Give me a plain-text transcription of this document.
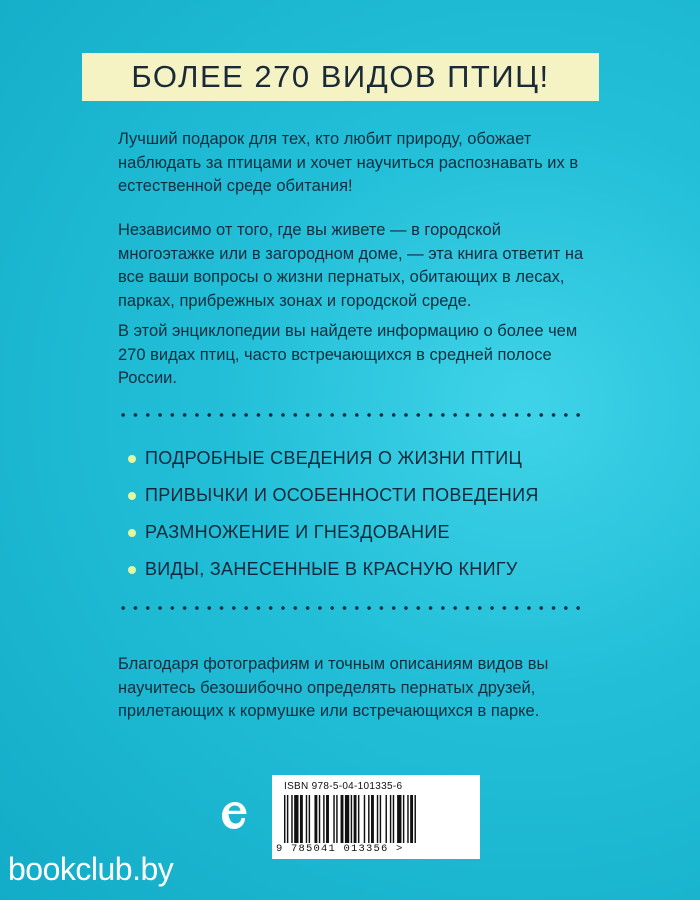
БОЛЕЕ 270 ВИДОВ ПТИЦ!

Лучший подарок для тех, кто любит природу, обожает наблюдать за птицами и хочет научиться распознавать их в естественной среде обитания!

Независимо от того, где вы живете — в городской многоэтажке или в загородном доме, — эта книга ответит на все ваши вопросы о жизни пернатых, обитающих в лесах, парках, прибрежных зонах и городской среде.

В этой энциклопедии вы найдете информацию о более чем 270 видах птиц, часто встречающихся в средней полосе России.

ПОДРОБНЫЕ СВЕДЕНИЯ О ЖИЗНИ ПТИЦ
ПРИВЫЧКИ И ОСОБЕННОСТИ ПОВЕДЕНИЯ
РАЗМНОЖЕНИЕ И ГНЕЗДОВАНИЕ
ВИДЫ, ЗАНЕСЕННЫЕ В КРАСНУЮ КНИГУ

Благодаря фотографиям и точным описаниям видов вы научитесь безошибочно определять пернатых друзей, прилетающих к кормушке или встречающихся в парке.

ISBN 978-5-04-101335-6
9 785041 013356 >
bookclub.by
